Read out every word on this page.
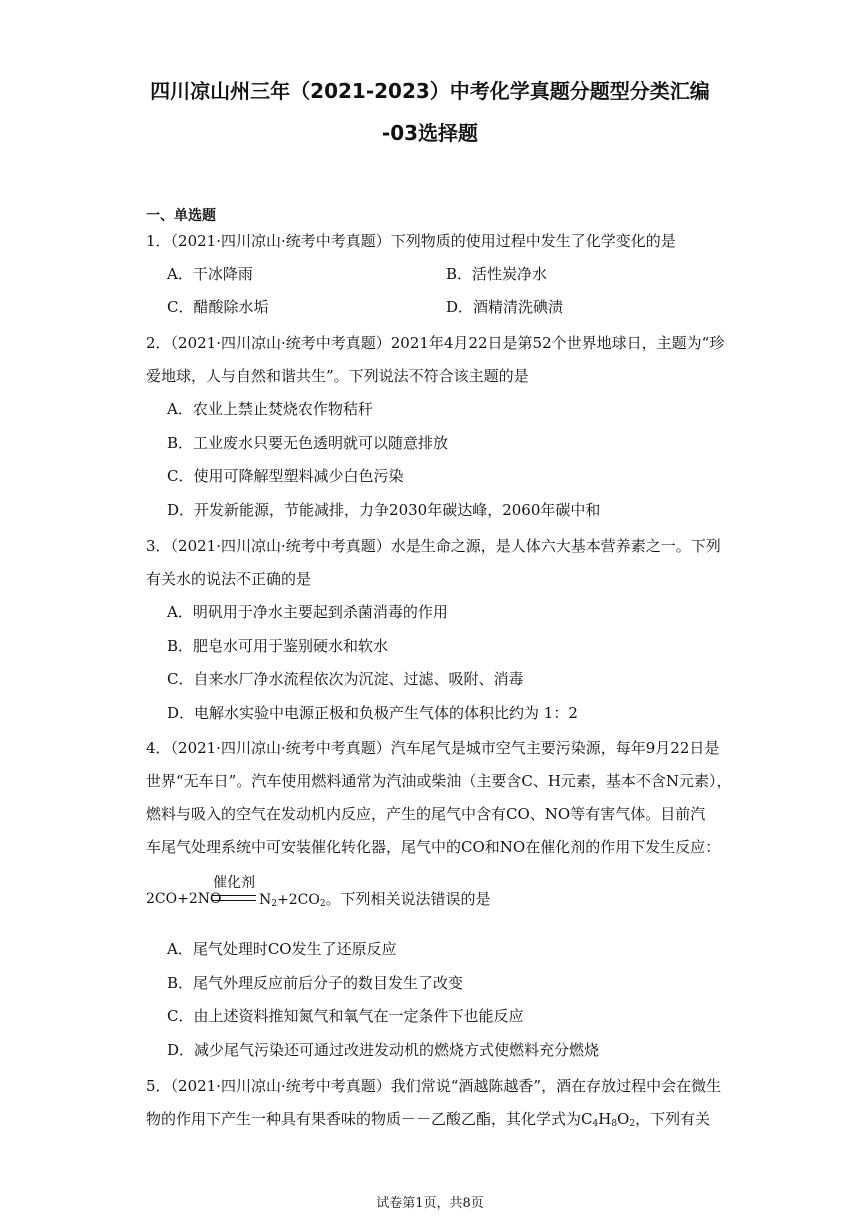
四川凉山州三年（2021-2023）中考化学真题分题型分类汇编
-03选择题
一、单选题
1．（2021·四川凉山·统考中考真题）下列物质的使用过程中发生了化学变化的是
A．干冰降雨	B．活性炭净水
C．醋酸除水垢	D．酒精清洗碘渍
2．（2021·四川凉山·统考中考真题）2021年4月22日是第52个世界地球日，主题为“珍
爱地球，人与自然和谐共生”。下列说法不符合该主题的是
A．农业上禁止焚烧农作物秸秆
B．工业废水只要无色透明就可以随意排放
C．使用可降解型塑料减少白色污染
D．开发新能源，节能减排，力争2030年碳达峰，2060年碳中和
3．（2021·四川凉山·统考中考真题）水是生命之源，是人体六大基本营养素之一。下列
有关水的说法不正确的是
A．明矾用于净水主要起到杀菌消毒的作用
B．肥皂水可用于鉴别硬水和软水
C．自来水厂净水流程依次为沉淀、过滤、吸附、消毒
D．电解水实验中电源正极和负极产生气体的体积比约为 1：2
4．（2021·四川凉山·统考中考真题）汽车尾气是城市空气主要污染源，每年9月22日是
世界“无车日”。汽车使用燃料通常为汽油或柴油（主要含C、H元素，基本不含N元素），
燃料与吸入的空气在发动机内反应，产生的尾气中含有CO、NO等有害气体。目前汽
车尾气处理系统中可安装催化转化器，尾气中的CO和NO在催化剂的作用下发生反应：
2CO+2NO
催化剂
$N_2+2CO_2$。下列相关说法错误的是
A．尾气处理时CO发生了还原反应
B．尾气外理反应前后分子的数目发生了改变
C．由上述资料推知氮气和氧气在一定条件下也能反应
D．减少尾气污染还可通过改进发动机的燃烧方式使燃料充分燃烧
5．（2021·四川凉山·统考中考真题）我们常说“酒越陈越香”，酒在存放过程中会在微生
物的作用下产生一种具有果香味的物质－－乙酸乙酯，其化学式为$C_4H_8O_2$，下列有关
试卷第1页，共8页
